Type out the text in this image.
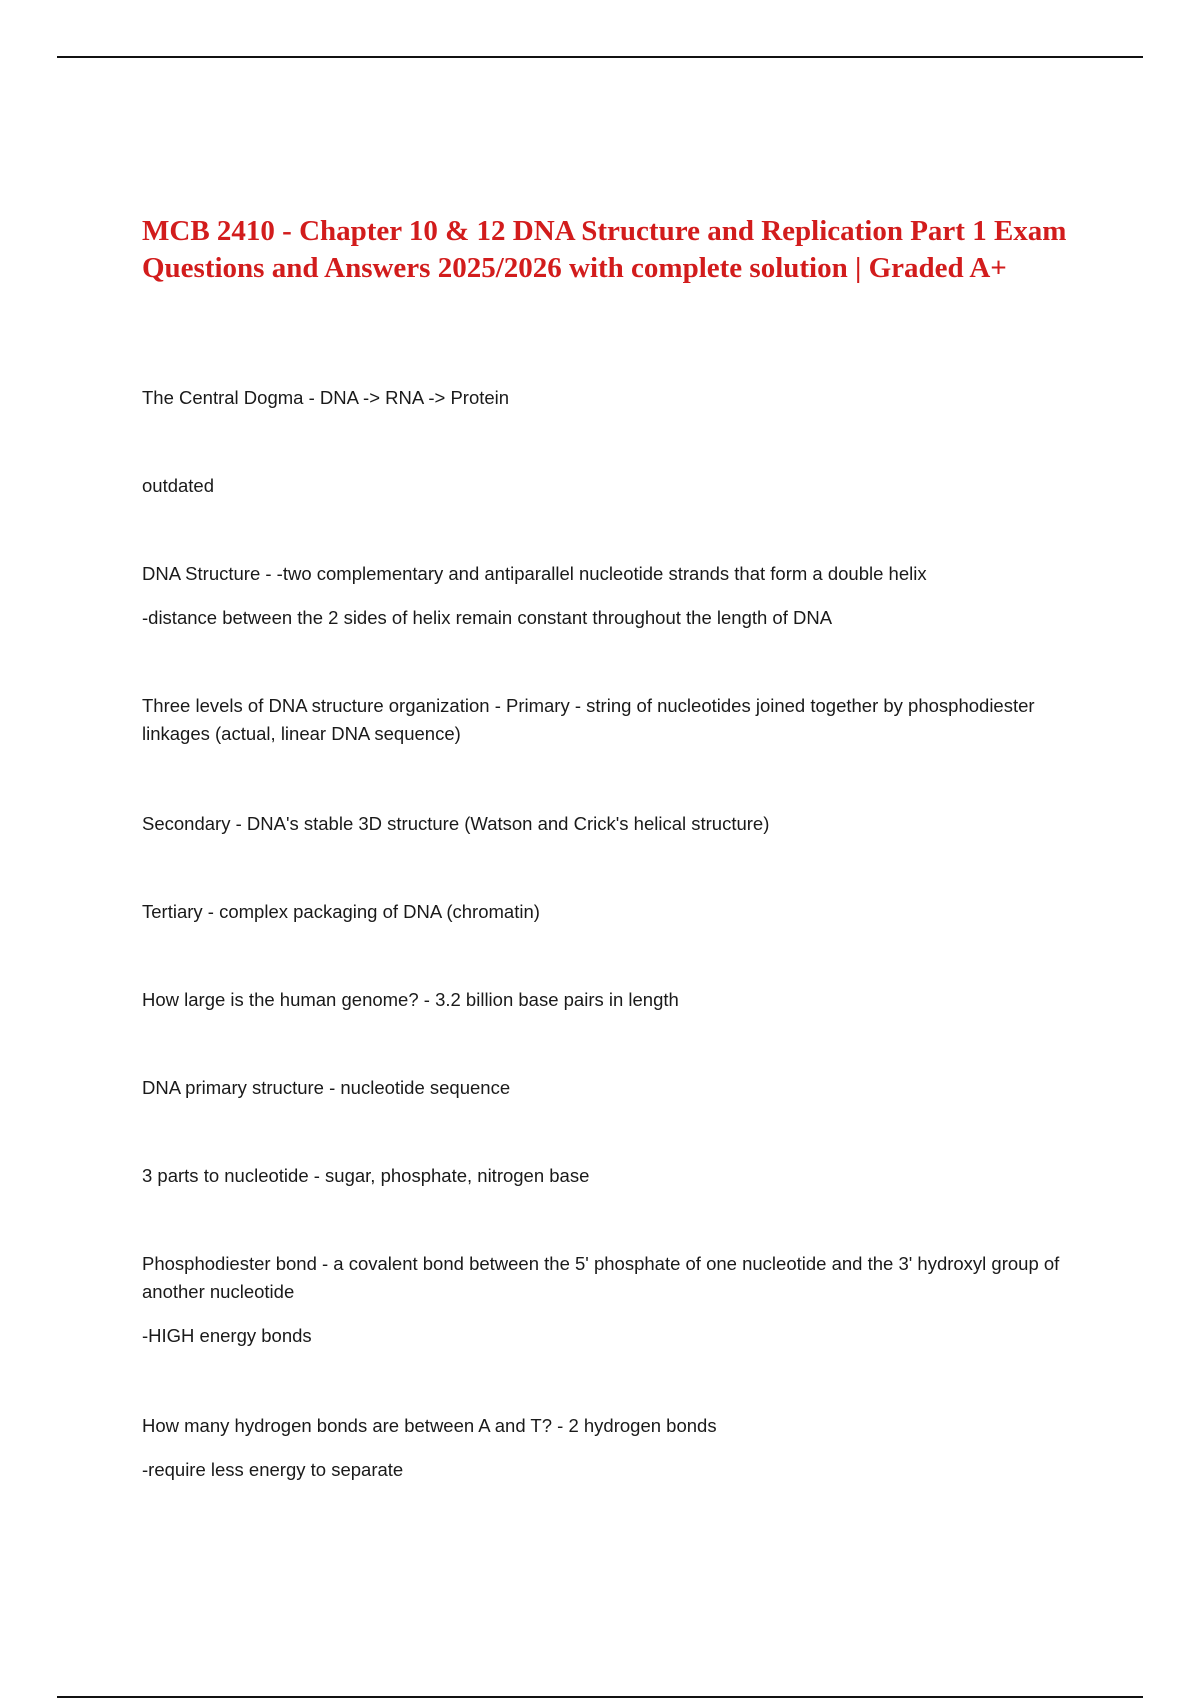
MCB 2410 - Chapter 10 & 12 DNA Structure and Replication Part 1 Exam Questions and Answers 2025/2026 with complete solution | Graded A+

The Central Dogma - DNA -> RNA -> Protein

outdated

DNA Structure - -two complementary and antiparallel nucleotide strands that form a double helix

-distance between the 2 sides of helix remain constant throughout the length of DNA

Three levels of DNA structure organization - Primary - string of nucleotides joined together by phosphodiester linkages (actual, linear DNA sequence)

Secondary - DNA's stable 3D structure (Watson and Crick's helical structure)

Tertiary - complex packaging of DNA (chromatin)

How large is the human genome? - 3.2 billion base pairs in length

DNA primary structure - nucleotide sequence

3 parts to nucleotide - sugar, phosphate, nitrogen base

Phosphodiester bond - a covalent bond between the 5' phosphate of one nucleotide and the 3' hydroxyl group of another nucleotide

-HIGH energy bonds

How many hydrogen bonds are between A and T? - 2 hydrogen bonds

-require less energy to separate
